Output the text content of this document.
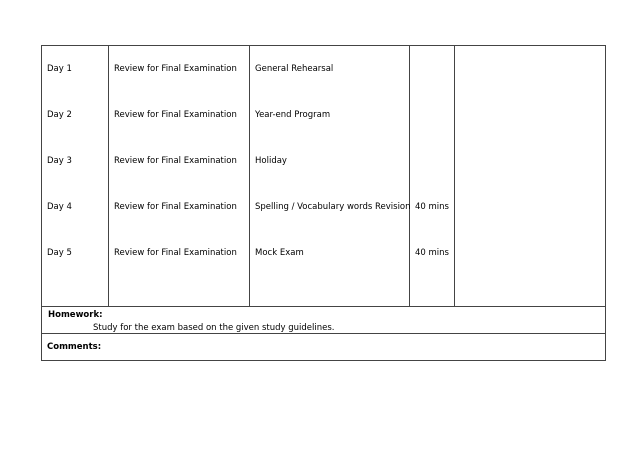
Day 1	Review for Final Examination	General Rehearsal		

Day 2	Review for Final Examination	Year-end Program		

Day 3	Review for Final Examination	Holiday		

Day 4	Review for Final Examination	Spelling / Vocabulary words Revision	40 mins	

Day 5	Review for Final Examination	Mock Exam	40 mins	

Homework:
Study for the exam based on the given study guidelines.				

Comments:				
